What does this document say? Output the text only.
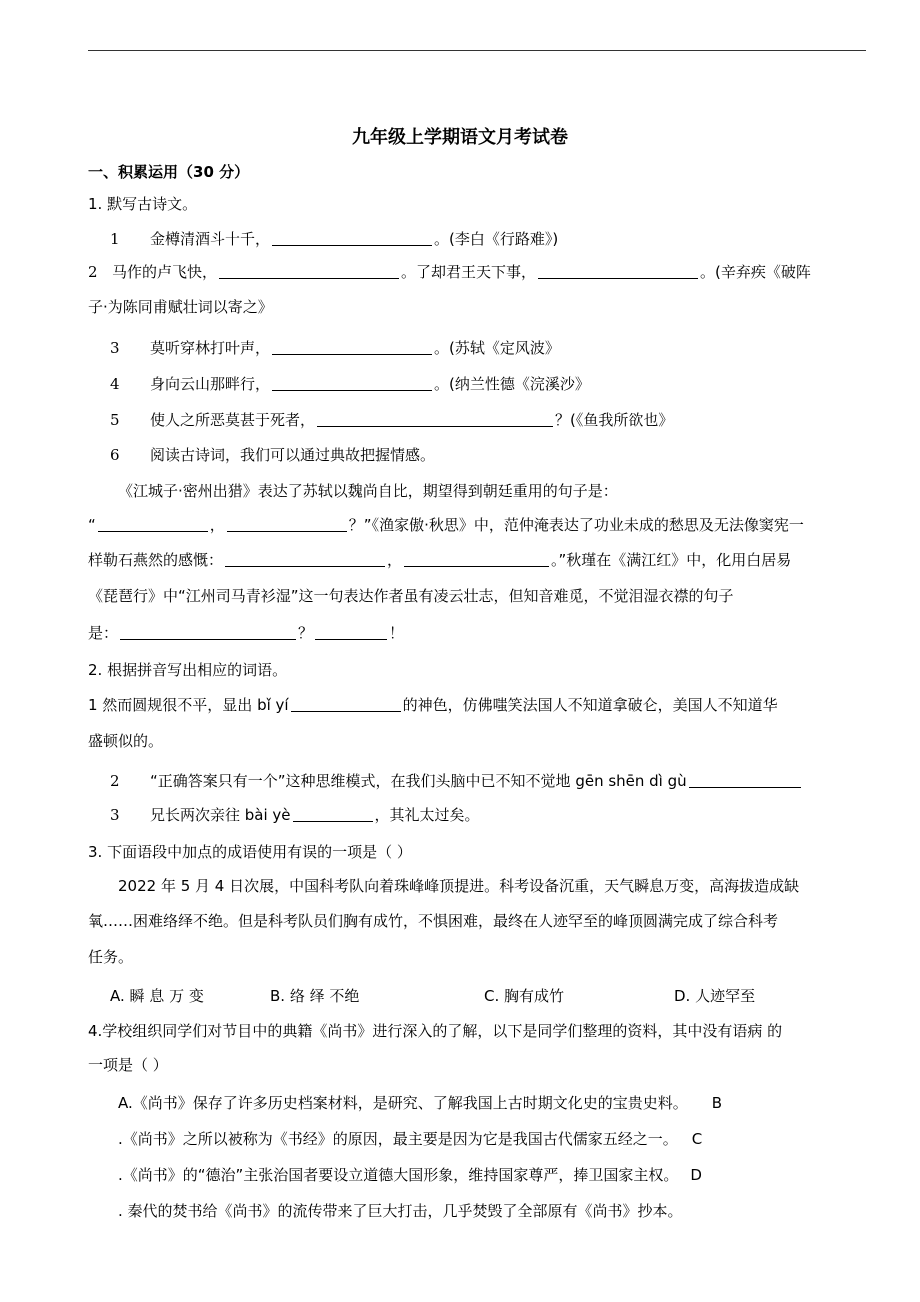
九年级上学期语文月考试卷
一、积累运用（30 分）
1. 默写古诗文。
1 金樽清酒斗十千，	。(李白《行路难》)
2 马作的卢飞快，	。了却君王天下事，	。(辛弃疾《破阵
子·为陈同甫赋壮词以寄之》
3 莫听穿林打叶声，	。(苏轼《定风波》
4 身向云山那畔行，	。(纳兰性德《浣溪沙》
5 使人之所恶莫甚于死者，	？(《鱼我所欲也》
6 阅读古诗词，我们可以通过典故把握情感。
《江城子·密州出猎》表达了苏轼以魏尚自比，期望得到朝廷重用的句子是：
“	，	？”《渔家傲·秋思》中，范仲淹表达了功业未成的愁思及无法像窦宪一
样勒石燕然的感慨：	，	。”秋瑾在《满江红》中，化用白居易
《琵琶行》中“江州司马青衫湿”这一句表达作者虽有凌云壮志，但知音难觅，不觉泪湿衣襟的句子
是：	？	！
2. 根据拼音写出相应的词语。
1 然而圆规很不平，显出 bǐ yí	的神色，仿佛嗤笑法国人不知道拿破仑，美国人不知道华
盛顿似的。
2 “正确答案只有一个”这种思维模式，在我们头脑中已不知不觉地 gēn shēn dì gù
3 兄长两次亲往 bài yè	，其礼太过矣。
3. 下面语段中加点的成语使用有误的一项是（ ）
2022 年 5 月 4 日次展，中国科考队向着珠峰峰顶提进。科考设备沉重，天气瞬息万变，高海拔造成缺
氧……困难络绎不绝。但是科考队员们胸有成竹，不惧困难，最终在人迹罕至的峰顶圆满完成了综合科考
任务。
A. 瞬 息 万 变	B. 络 绎 不绝	C. 胸有成竹	D. 人迹罕至
4.学校组织同学们对节目中的典籍《尚书》进行深入的了解，以下是同学们整理的资料，其中没有语病 的
一项是（ ）
A.《尚书》保存了许多历史档案材料，是研究、了解我国上古时期文化史的宝贵史料。 B
.《尚书》之所以被称为《书经》的原因，最主要是因为它是我国古代儒家五经之一。 C
.《尚书》的“德治”主张治国者要设立道德大国形象，维持国家尊严，捧卫国家主权。 D
. 秦代的焚书给《尚书》的流传带来了巨大打击，几乎焚毁了全部原有《尚书》抄本。
